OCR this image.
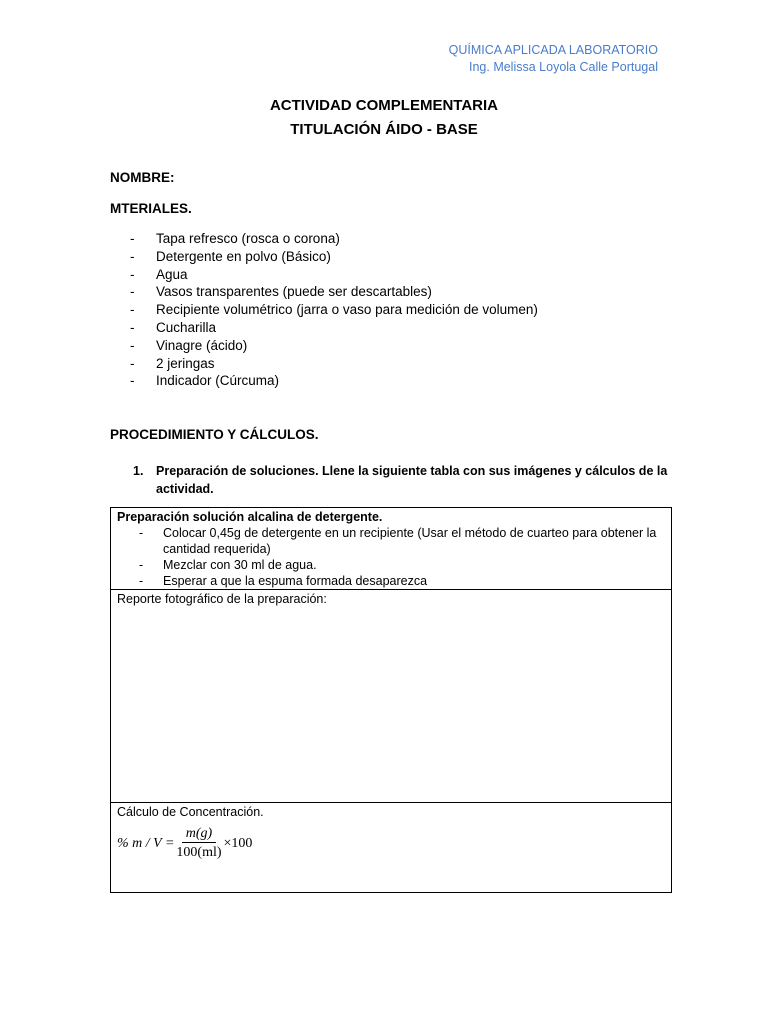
QUÍMICA APLICADA LABORATORIO
Ing. Melissa Loyola Calle Portugal
ACTIVIDAD COMPLEMENTARIA
TITULACIÓN ÁIDO - BASE
NOMBRE:
MTERIALES.
- Tapa refresco (rosca o corona)
- Detergente en polvo (Básico)
- Agua
- Vasos transparentes (puede ser descartables)
- Recipiente volumétrico (jarra o vaso para medición de volumen)
- Cucharilla
- Vinagre (ácido)
- 2 jeringas
- Indicador (Cúrcuma)
PROCEDIMIENTO Y CÁLCULOS.
1.	Preparación de soluciones. Llene la siguiente tabla con sus imágenes y cálculos de la actividad.
Preparación solución alcalina de detergente.
- Colocar 0,45g de detergente en un recipiente (Usar el método de cuarteo para obtener la cantidad requerida)
- Mezclar con 30 ml de agua.
- Esperar a que la espuma formada desaparezca
Reporte fotográfico de la preparación:
Cálculo de Concentración.
% $m / V = \frac{m(g)}{100(ml)} \times 100$
